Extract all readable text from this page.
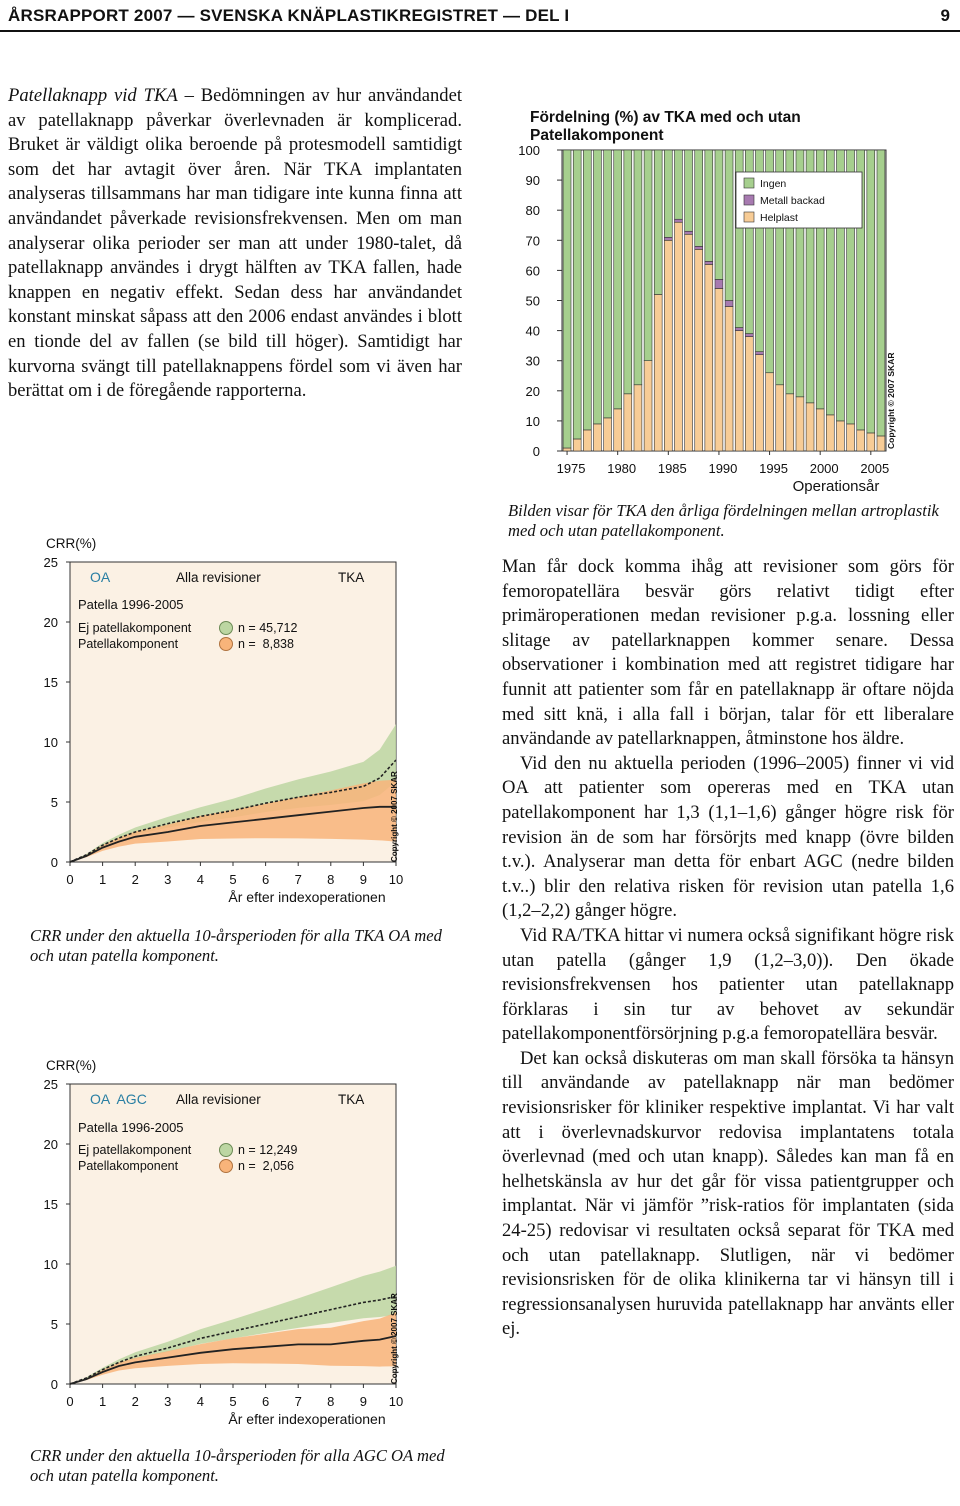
ÅRSRAPPORT 2007 — SVENSKA KNÄPLASTIKREGISTRET — DEL I	9

Patellaknapp vid TKA – Bedömningen av hur användandet av patellaknapp påverkar överlevnaden är komplicerad. Bruket är väldigt olika beroende på protesmodell samtidigt som det har avtagit över åren. När TKA implantaten analyseras tillsammans har man tidigare inte kunna finna att användandet påverkade revisionsfrekvensen. Men om man analyserar olika perioder ser man att under 1980-talet, då patellaknapp användes i drygt hälften av TKA fallen, hade knappen en negativ effekt. Sedan dess har användandet konstant minskat såpass att den 2006 endast användes i blott en tionde del av fallen (se bild till höger). Samtidigt har kurvorna svängt till patellaknappens fördel som vi även har berättat om i de föregående rapporterna.

Fördelning (%) av TKA med och utan
Patellakomponent
0
10
20
30
40
50
60
70
80
90
100
1975 1980 1985 1990 1995 2000 2005
Ingen
Metall backad
Helplast
Operationsår
Copyright © 2007 SKAR
Bilden visar för TKA den årliga fördelningen mellan artroplastik med och utan patellakomponent.
CRR(%)
0
5
10
15
20
25
0 1 2 3 4 5 6 7 8 9 10
OA	Alla revisioner	TKA
Patella 1996-2005
Ej patellakomponent
Patellakomponent
n = 45,712
n =  8,838
År efter indexoperationen
Copyright © 2007 SKAR
CRR under den aktuella 10-årsperioden för alla TKA OA med och utan patella komponent.
CRR(%)
0
5
10
15
20
25
0 1 2 3 4 5 6 7 8 9 10
OA  AGC Alla revisioner	TKA
Patella 1996-2005
Ej patellakomponent
Patellakomponent
n = 12,249
n =  2,056
År efter indexoperationen
Copyright © 2007 SKAR
CRR under den aktuella 10-årsperioden för alla AGC OA med och utan patella komponent.

Man får dock komma ihåg att revisioner som görs för femoropatellära besvär görs relativt tidigt efter primäroperationen medan revisioner p.g.a. lossning eller slitage av patellarknappen kommer senare. Dessa observationer i kombination med att registret tidigare har funnit att patienter som får en patellaknapp är oftare nöjda med sitt knä, i alla fall i början, talar för ett liberalare användande av patellarknappen, åtminstone hos äldre.

Vid den nu aktuella perioden (1996–2005) finner vi vid OA att patienter som opereras med en TKA utan patellakomponent har 1,3 (1,1–1,6) gånger högre risk för revision än de som har försörjts med knapp (övre bilden t.v.). Analyserar man detta för enbart AGC (nedre bilden t.v..) blir den relativa risken för revision utan patella 1,6 (1,2–2,2) gånger högre.

Vid RA/TKA hittar vi numera också signifikant högre risk utan patella (gånger 1,9 (1,2–3,0)). Den ökade revisionsfrekvensen hos patienter utan patellaknapp förklaras i sin tur av behovet av sekundär patellakomponentförsörjning p.g.a femoropatellära besvär.

Det kan också diskuteras om man skall försöka ta hänsyn till användande av patellaknapp när man bedömer revisionsrisker för kliniker respektive implantat. Vi har valt att i överlevnadskurvor redovisa implantatens totala överlevnad (med och utan knapp). Således kan man få en helhetskänsla av hur det går för vissa patientgrupper och implantat. När vi jämför ”risk-ratios för implantaten (sida 24-25) redovisar vi resultaten också separat för TKA med och utan patellaknapp. Slutligen, när vi bedömer revisionsrisken för de olika klinikerna tar vi hänsyn till i regressionsanalysen huruvida patellaknapp har använts eller ej.
